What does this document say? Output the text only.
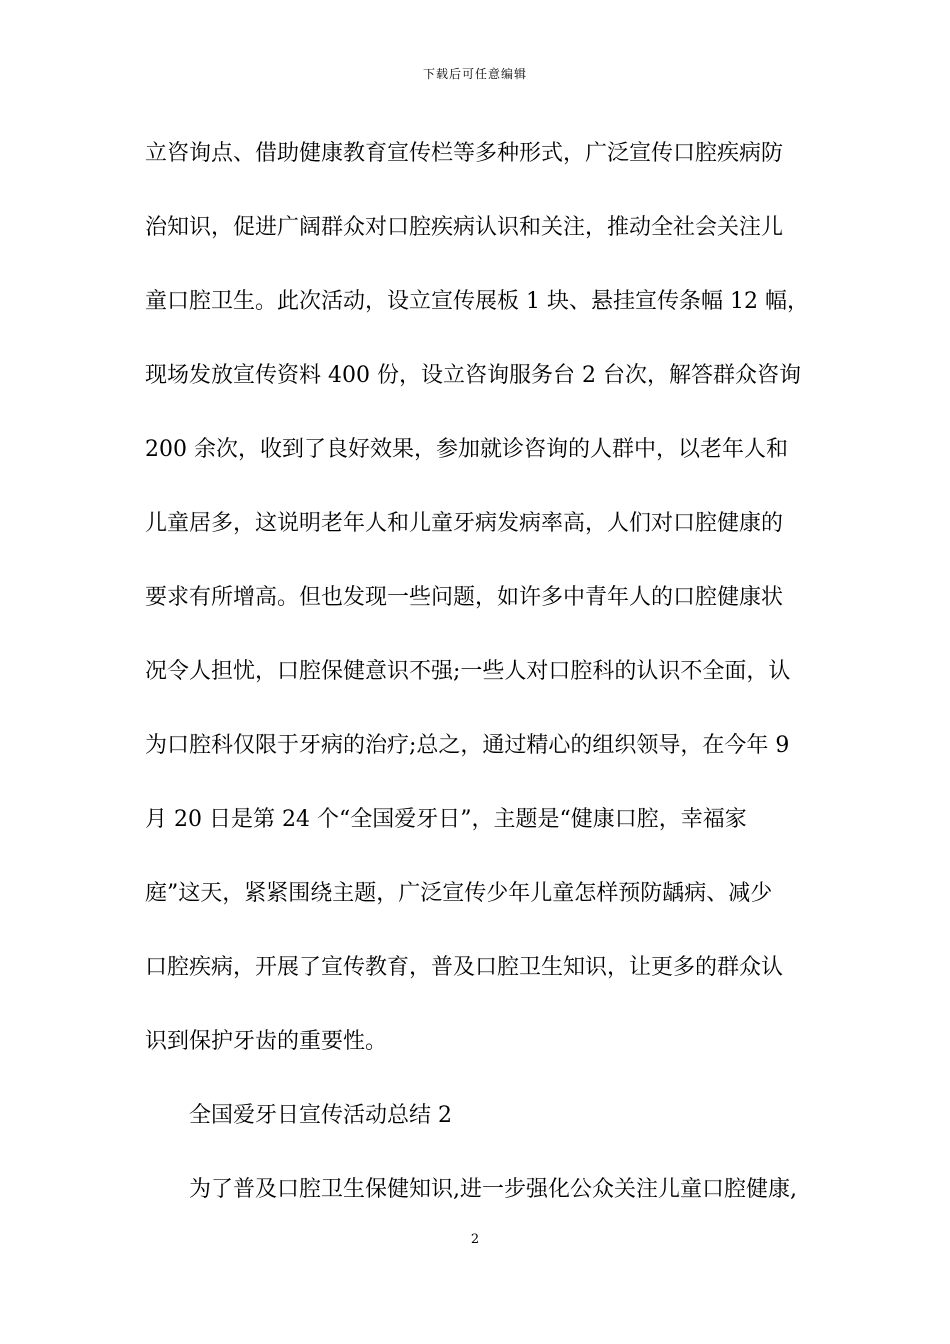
下载后可任意编辑
立咨询点、借助健康教育宣传栏等多种形式，广泛宣传口腔疾病防
治知识，促进广阔群众对口腔疾病认识和关注，推动全社会关注儿
童口腔卫生。此次活动，设立宣传展板 1 块、悬挂宣传条幅 12 幅，
现场发放宣传资料 400 份，设立咨询服务台 2 台次，解答群众咨询
200 余次，收到了良好效果，参加就诊咨询的人群中，以老年人和
儿童居多，这说明老年人和儿童牙病发病率高，人们对口腔健康的
要求有所增高。但也发现一些问题，如许多中青年人的口腔健康状
况令人担忧，口腔保健意识不强;一些人对口腔科的认识不全面，认
为口腔科仅限于牙病的治疗;总之，通过精心的组织领导，在今年 9
月 20 日是第 24 个“全国爱牙日”，主题是“健康口腔，幸福家
庭”这天，紧紧围绕主题，广泛宣传少年儿童怎样预防龋病、减少
口腔疾病，开展了宣传教育，普及口腔卫生知识，让更多的群众认
识到保护牙齿的重要性。
全国爱牙日宣传活动总结 2
为了普及口腔卫生保健知识,进一步强化公众关注儿童口腔健康,
2
